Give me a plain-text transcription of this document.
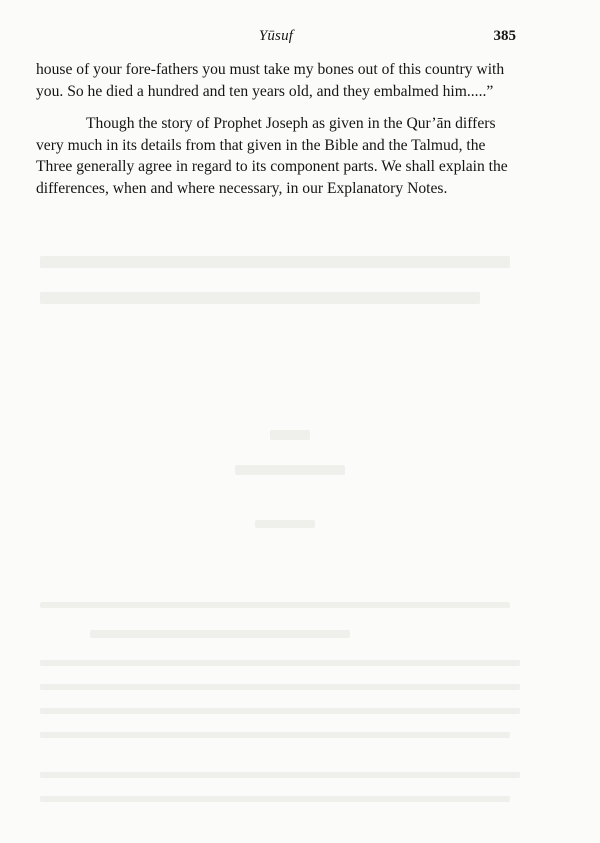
Yūsuf	385

house of your fore-fathers you must take my bones out of this country with you. So he died a hundred and ten years old, and they embalmed him.....”

Though the story of Prophet Joseph as given in the Qur’ān differs very much in its details from that given in the Bible and the Talmud, the Three generally agree in regard to its component parts. We shall explain the differences, when and where necessary, in our Explanatory Notes.
